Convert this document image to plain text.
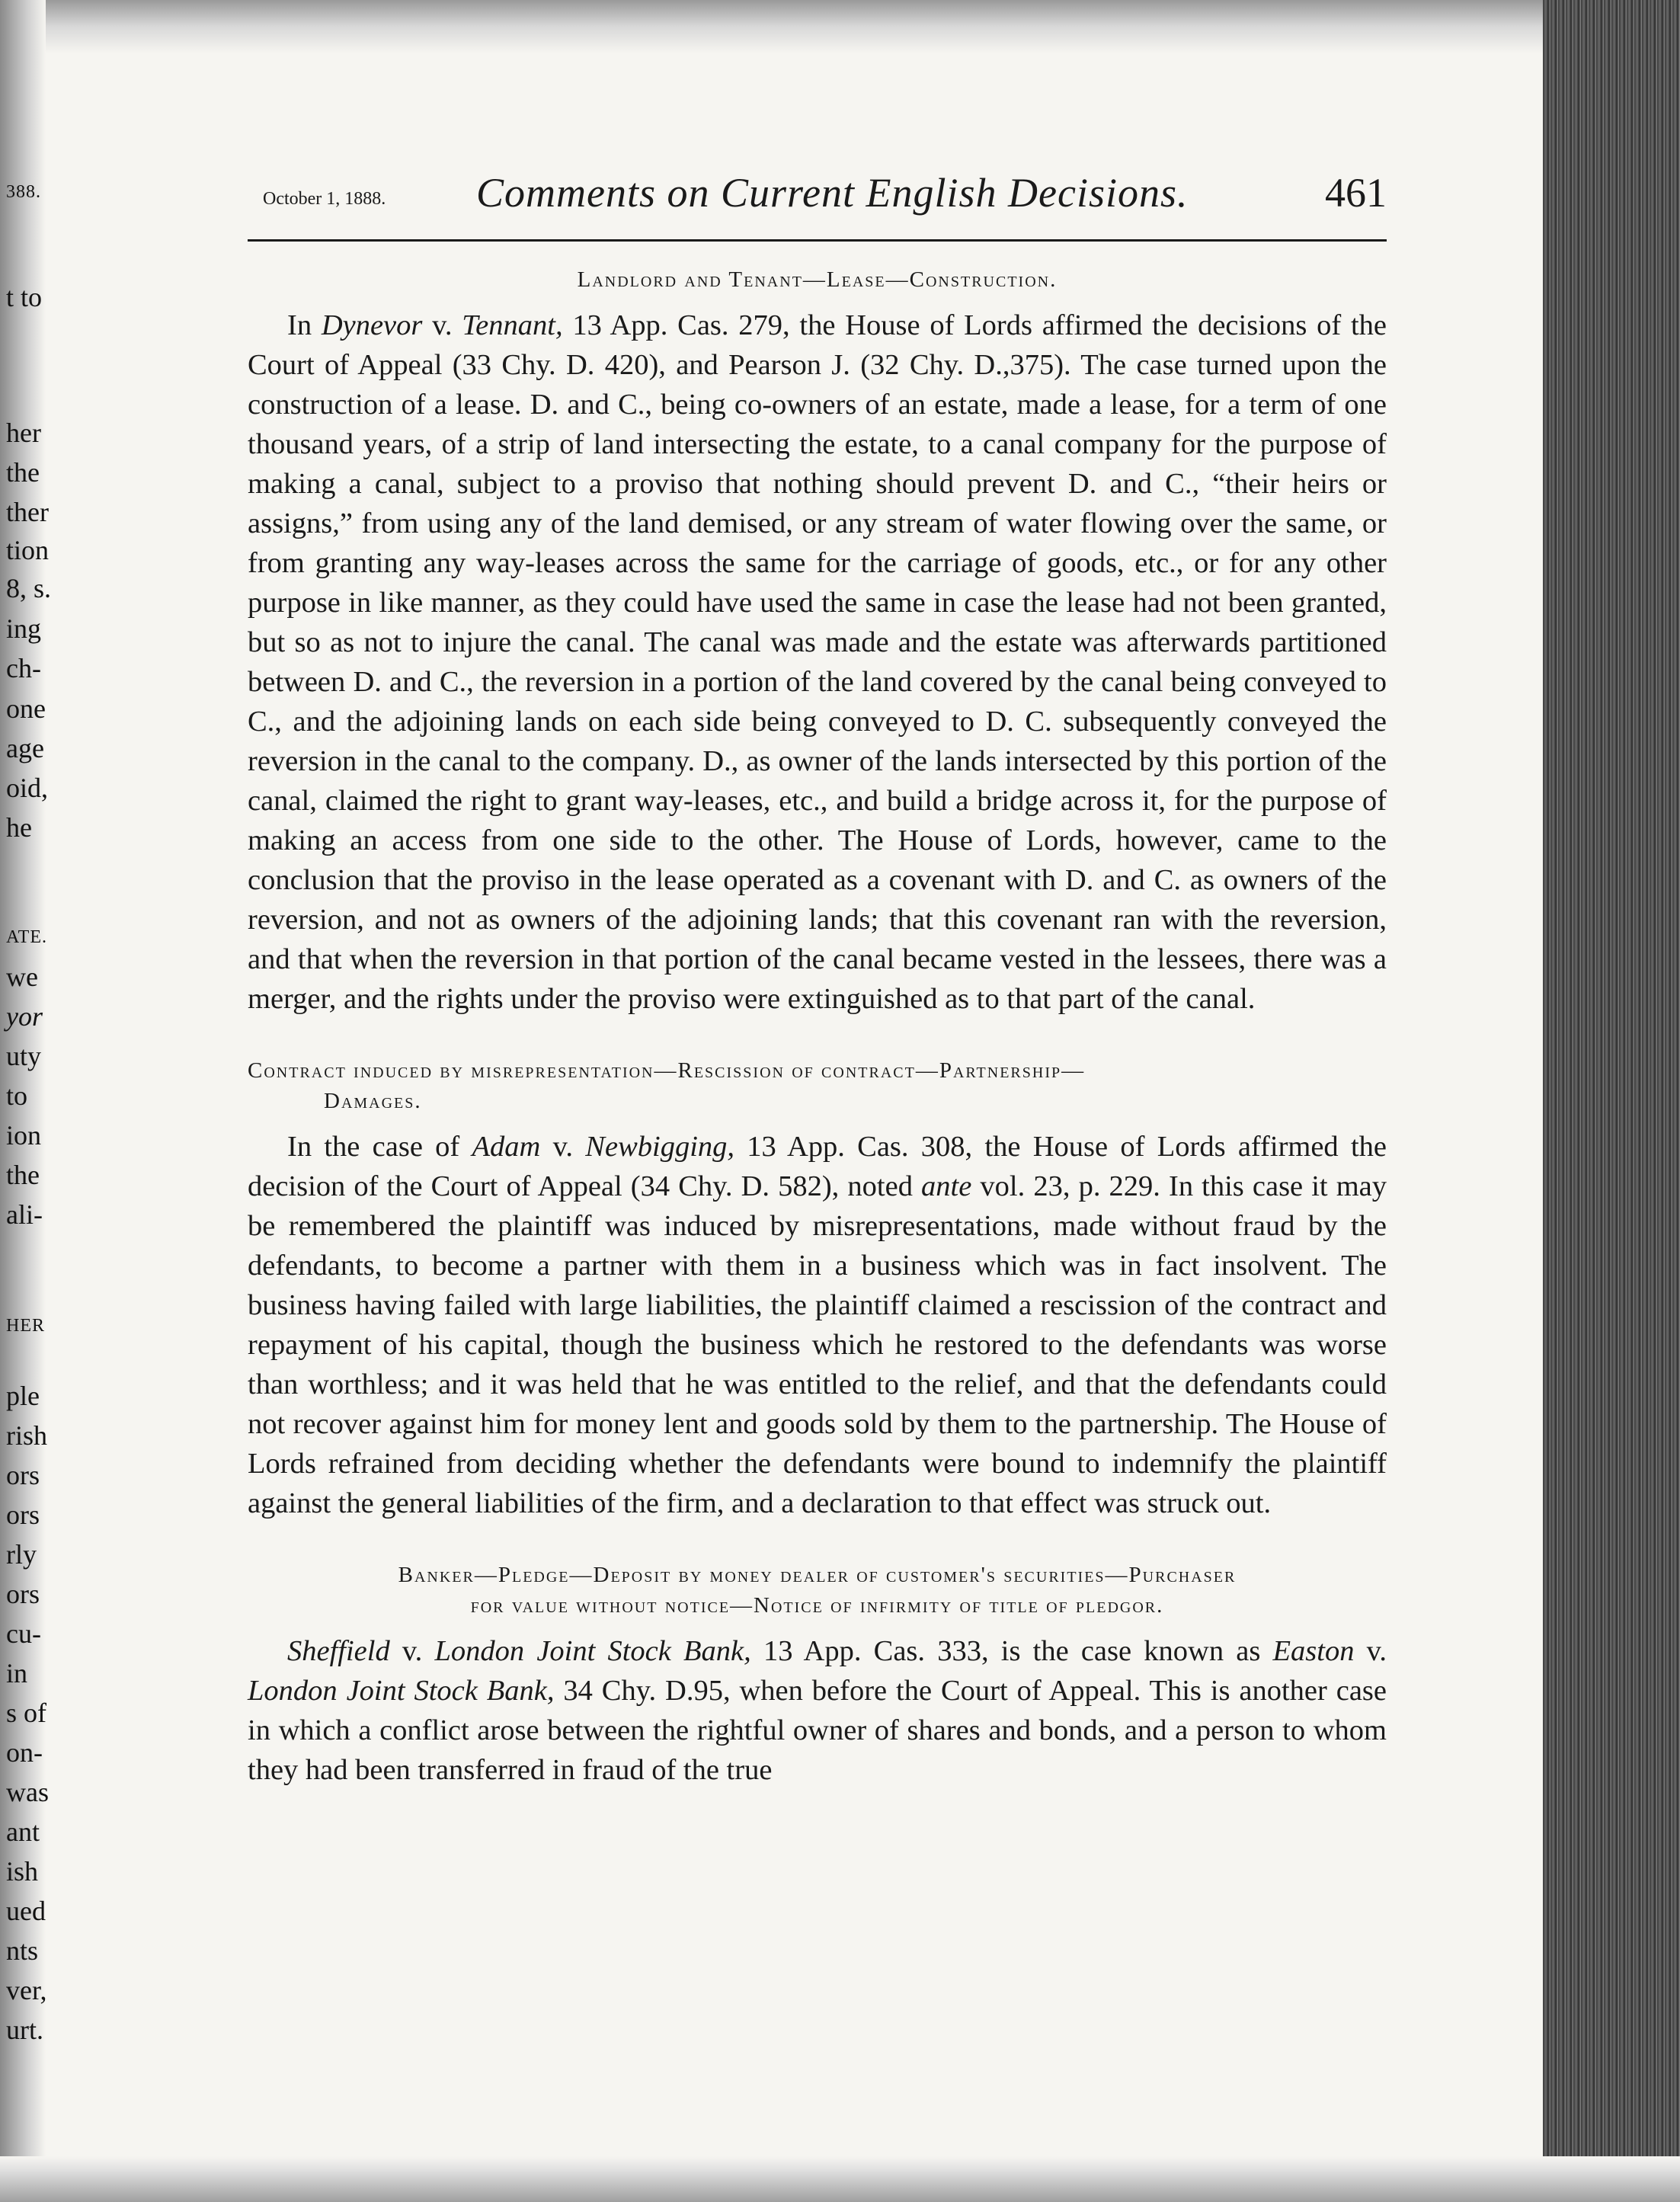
388.
t to
her
the
ther
tion
8, s.
ing
ch-
one
age
oid,
he
ATE.
we
yor
uty
to
ion
the
ali-
HER
ple
rish
ors
ors
rly
ors
cu-
in
s of
on-
was
ant
ish
ued
nts
ver,
urt.
October 1, 1888. Comments on Current English Decisions.	461
Landlord and Tenant—Lease—Construction.

In Dynevor v. Tennant, 13 App. Cas. 279, the House of Lords affirmed the decisions of the Court of Appeal (33 Chy. D. 420), and Pearson J. (32 Chy. D.,375). The case turned upon the construction of a lease. D. and C., being co-owners of an estate, made a lease, for a term of one thousand years, of a strip of land intersecting the estate, to a canal company for the purpose of making a canal, subject to a proviso that nothing should prevent D. and C., “their heirs or assigns,” from using any of the land demised, or any stream of water flowing over the same, or from granting any way-leases across the same for the carriage of goods, etc., or for any other purpose in like manner, as they could have used the same in case the lease had not been granted, but so as not to injure the canal. The canal was made and the estate was afterwards partitioned between D. and C., the reversion in a portion of the land covered by the canal being conveyed to C., and the adjoining lands on each side being conveyed to D. C. subsequently conveyed the reversion in the canal to the company. D., as owner of the lands intersected by this portion of the canal, claimed the right to grant way-leases, etc., and build a bridge across it, for the purpose of making an access from one side to the other. The House of Lords, however, came to the conclusion that the proviso in the lease operated as a covenant with D. and C. as owners of the reversion, and not as owners of the adjoining lands; that this covenant ran with the reversion, and that when the reversion in that portion of the canal became vested in the lessees, there was a merger, and the rights under the proviso were extinguished as to that part of the canal.

Contract induced by misrepresentation—Rescission of contract—Partnership—
Damages.

In the case of Adam v. Newbigging, 13 App. Cas. 308, the House of Lords affirmed the decision of the Court of Appeal (34 Chy. D. 582), noted ante vol. 23, p. 229. In this case it may be remembered the plaintiff was induced by misrepresentations, made without fraud by the defendants, to become a partner with them in a business which was in fact insolvent. The business having failed with large liabilities, the plaintiff claimed a rescission of the contract and repayment of his capital, though the business which he restored to the defendants was worse than worthless; and it was held that he was entitled to the relief, and that the defendants could not recover against him for money lent and goods sold by them to the partnership. The House of Lords refrained from deciding whether the defendants were bound to indemnify the plaintiff against the general liabilities of the firm, and a declaration to that effect was struck out.

Banker—Pledge—Deposit by money dealer of customer's securities—Purchaser
for value without notice—Notice of infirmity of title of pledgor.

Sheffield v. London Joint Stock Bank, 13 App. Cas. 333, is the case known as Easton v. London Joint Stock Bank, 34 Chy. D.95, when before the Court of Appeal. This is another case in which a conflict arose between the rightful owner of shares and bonds, and a person to whom they had been transferred in fraud of the true
